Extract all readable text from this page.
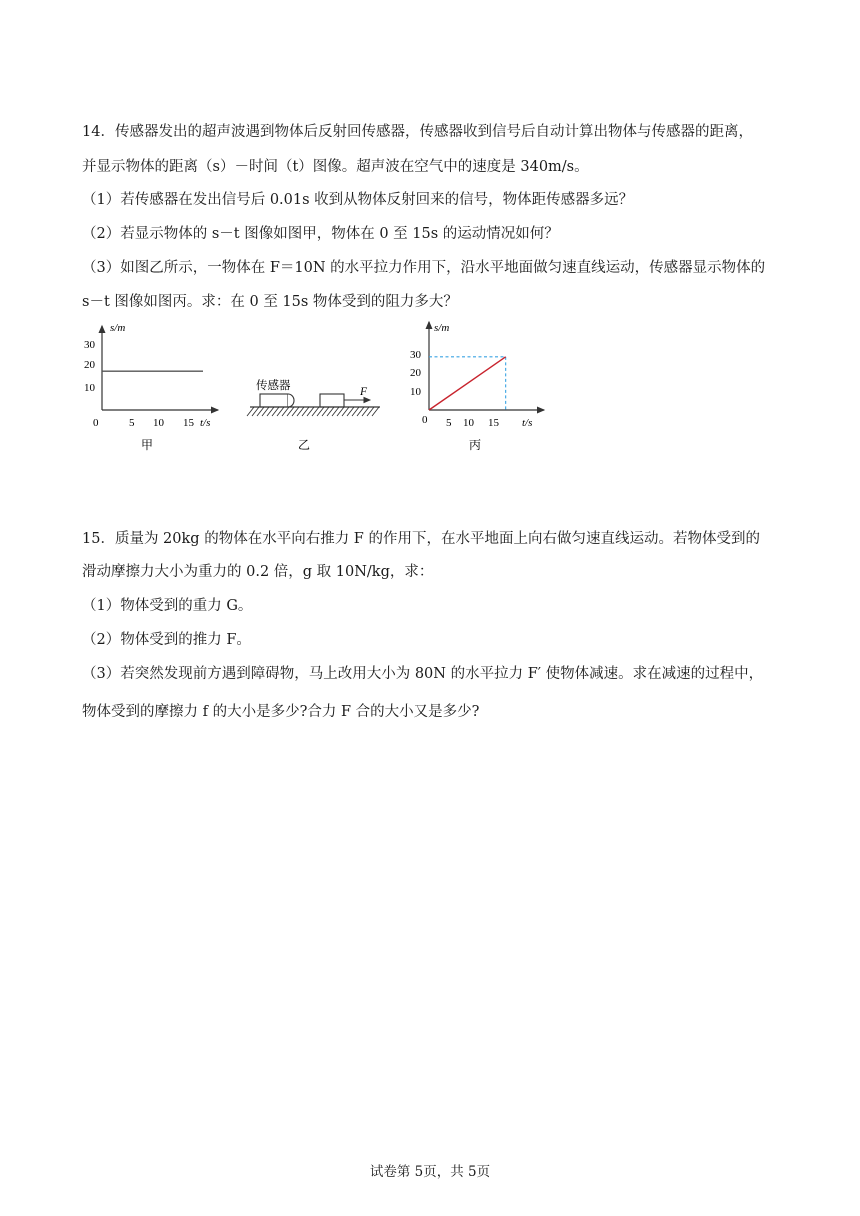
14．传感器发出的超声波遇到物体后反射回传感器，传感器收到信号后自动计算出物体与传感器的距离，
并显示物体的距离（s）－时间（t）图像。超声波在空气中的速度是 340m/s。
（1）若传感器在发出信号后 0.01s 收到从物体反射回来的信号，物体距传感器多远？
（2）若显示物体的 s－t 图像如图甲，物体在 0 至 15s 的运动情况如何？
（3）如图乙所示，一物体在 F＝10N 的水平拉力作用下，沿水平地面做匀速直线运动，传感器显示物体的
s－t 图像如图丙。求：在 0 至 15s 物体受到的阻力多大？
s/m
t/s
30
20
10
0	5 10 15
甲
传感器	F
乙
s/m
t/s
30
20
10
0 5 10 15
丙
15．质量为 20kg 的物体在水平向右推力 F 的作用下，在水平地面上向右做匀速直线运动。若物体受到的
滑动摩擦力大小为重力的 0.2 倍，g 取 10N/kg，求：
（1）物体受到的重力 G。
（2）物体受到的推力 F。
（3）若突然发现前方遇到障碍物，马上改用大小为 80N 的水平拉力 F′ 使物体减速。求在减速的过程中，
物体受到的摩擦力 f 的大小是多少?合力 F 合的大小又是多少?
试卷第 5页，共 5页
